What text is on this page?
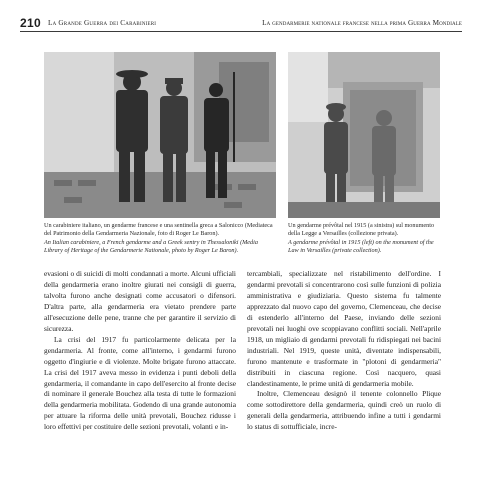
210 La Grande Guerra dei Carabinieri	La gendarmerie nationale francese nella prima Guerra Mondiale

Un carabiniere italiano, un gendarme francese e una sentinella greca a Salonicco (Mediateca del Patrimonio della Gendarmeria Nazionale, foto di Roger Le Baron).

An Italian carabiniere, a French gendarme and a Greek sentry in Thessaloniki (Media Library of Heritage of the Gendarmerie Nationale, photo by Roger Le Baron).

Un gendarme prévôtal nel 1915 (a sinistra) sul monumento della Legge a Versailles (collezione privata).

A gendarme prévôtal in 1915 (left) on the monument of the Law in Versailles (private collection).

evasioni o di suicidi di molti condannati a morte. Alcuni ufficiali della gendarmeria erano inoltre giurati nei consigli di guerra, talvolta furono anche designati come accusatori o difensori. D'altra parte, alla gendarmeria era vietato prendere parte all'esecuzione delle pene, tranne che per garantire il servizio di sicurezza.

La crisi del 1917 fu particolarmente delicata per la gendarmeria. Al fronte, come all'interno, i gendarmi furono oggetto d'ingiurie e di violenze. Molte brigate furono attaccate. La crisi del 1917 aveva messo in evidenza i punti deboli della gendarmeria, il comandante in capo dell'esercito al fronte decise di nominare il generale Bouchez alla testa di tutte le formazioni della gendarmeria mobilitata. Godendo di una grande autonomia per attuare la riforma delle unità prevotali, Bouchez ridusse i loro effettivi per costituire delle sezioni prevotali, volanti e in-

tercambiali, specializzate nel ristabilimento dell'ordine. I gendarmi prevotali si concentrarono così sulle funzioni di polizia amministrativa e giudiziaria. Questo sistema fu talmente apprezzato dal nuovo capo del governo, Clemenceau, che decise di estenderlo all'interno del Paese, inviando delle sezioni prevotali nei luoghi ove scoppiavano conflitti sociali. Nell'aprile 1918, un migliaio di gendarmi prevotali fu ridispiegati nei bacini industriali. Nel 1919, queste unità, diventate indispensabili, furono mantenute e trasformate in "plotoni di gendarmeria" distribuiti in ciascuna regione. Così nacquero, quasi clandestinamente, le prime unità di gendarmeria mobile.

Inoltre, Clemenceau designò il tenente colonnello Plique come sottodirettore della gendarmeria, quindi creò un ruolo di generali della gendarmeria, attribuendo infine a tutti i gendarmi lo status di sottufficiale, incre-
